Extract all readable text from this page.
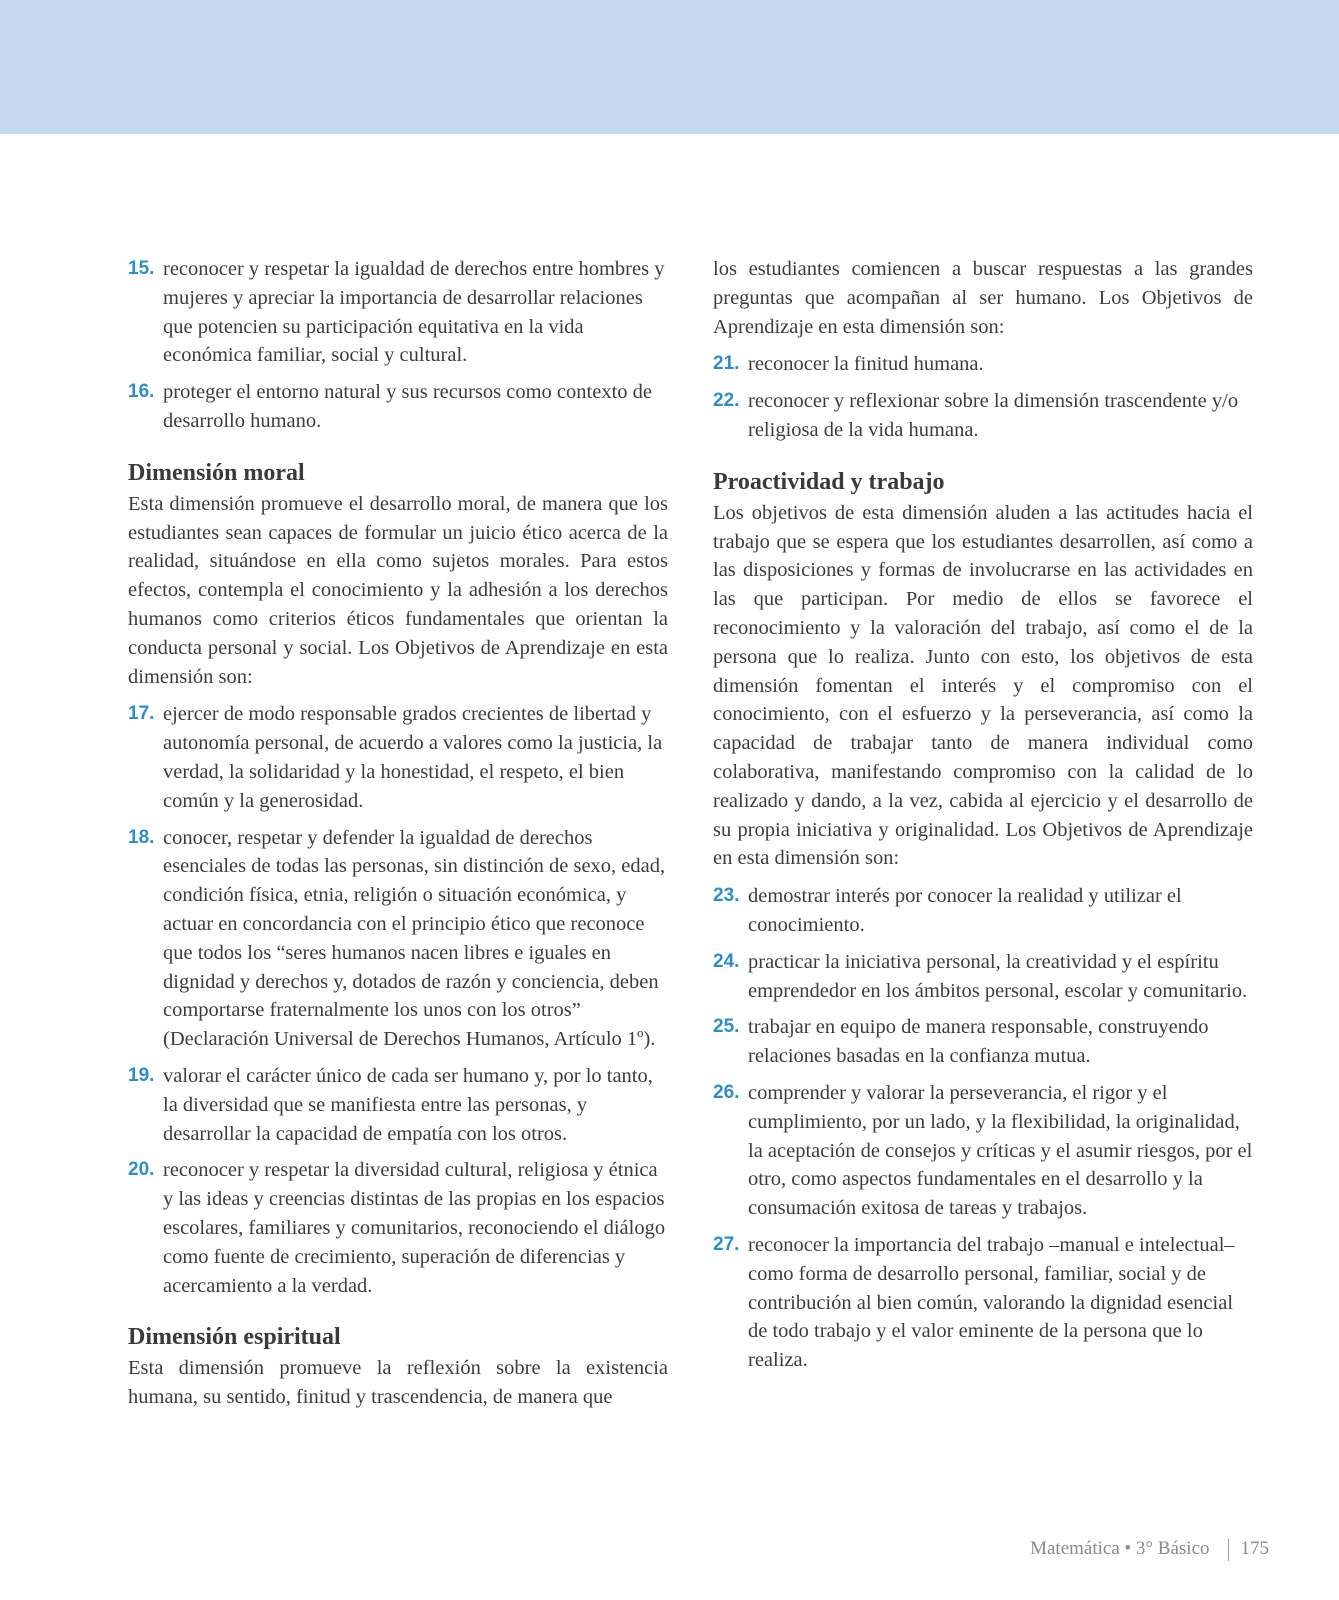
15. reconocer y respetar la igualdad de derechos entre hombres y mujeres y apreciar la importancia de desarrollar relaciones que potencien su participación equitativa en la vida económica familiar, social y cultural.
16. proteger el entorno natural y sus recursos como contexto de desarrollo humano.
Dimensión moral

Esta dimensión promueve el desarrollo moral, de manera que los estudiantes sean capaces de formular un juicio ético acerca de la realidad, situándose en ella como sujetos morales. Para estos efectos, contempla el conocimiento y la adhesión a los derechos humanos como criterios éticos fundamentales que orientan la conducta personal y social. Los Objetivos de Aprendizaje en esta dimensión son:

17. ejercer de modo responsable grados crecientes de libertad y autonomía personal, de acuerdo a valores como la justicia, la verdad, la solidaridad y la honestidad, el respeto, el bien común y la generosidad.
18. conocer, respetar y defender la igualdad de derechos esenciales de todas las personas, sin distinción de sexo, edad, condición física, etnia, religión o situación económica, y actuar en concordancia con el principio ético que reconoce que todos los “seres humanos nacen libres e iguales en dignidad y derechos y, dotados de razón y conciencia, deben comportarse fraternalmente los unos con los otros” (Declaración Universal de Derechos Humanos, Artículo 1º).
19. valorar el carácter único de cada ser humano y, por lo tanto, la diversidad que se manifiesta entre las personas, y desarrollar la capacidad de empatía con los otros.
20. reconocer y respetar la diversidad cultural, religiosa y étnica y las ideas y creencias distintas de las propias en los espacios escolares, familiares y comunitarios, reconociendo el diálogo como fuente de crecimiento, superación de diferencias y acercamiento a la verdad.
Dimensión espiritual

Esta dimensión promueve la reflexión sobre la existencia humana, su sentido, finitud y trascendencia, de manera que

los estudiantes comiencen a buscar respuestas a las grandes preguntas que acompañan al ser humano. Los Objetivos de Aprendizaje en esta dimensión son:

21. reconocer la finitud humana.
22. reconocer y reflexionar sobre la dimensión trascendente y/o religiosa de la vida humana.
Proactividad y trabajo

Los objetivos de esta dimensión aluden a las actitudes hacia el trabajo que se espera que los estudiantes desarrollen, así como a las disposiciones y formas de involucrarse en las actividades en las que participan. Por medio de ellos se favorece el reconocimiento y la valoración del trabajo, así como el de la persona que lo realiza. Junto con esto, los objetivos de esta dimensión fomentan el interés y el compromiso con el conocimiento, con el esfuerzo y la perseverancia, así como la capacidad de trabajar tanto de manera individual como colaborativa, manifestando compromiso con la calidad de lo realizado y dando, a la vez, cabida al ejercicio y el desarrollo de su propia iniciativa y originalidad. Los Objetivos de Aprendizaje en esta dimensión son:

23. demostrar interés por conocer la realidad y utilizar el conocimiento.
24. practicar la iniciativa personal, la creatividad y el espíritu emprendedor en los ámbitos personal, escolar y comunitario.
25. trabajar en equipo de manera responsable, construyendo relaciones basadas en la confianza mutua.
26. comprender y valorar la perseverancia, el rigor y el cumplimiento, por un lado, y la flexibilidad, la originalidad, la aceptación de consejos y críticas y el asumir riesgos, por el otro, como aspectos fundamentales en el desarrollo y la consumación exitosa de tareas y trabajos.
27. reconocer la importancia del trabajo –manual e intelectual– como forma de desarrollo personal, familiar, social y de contribución al bien común, valorando la dignidad esencial de todo trabajo y el valor eminente de la persona que lo realiza.
Matemática • 3° Básico 175
